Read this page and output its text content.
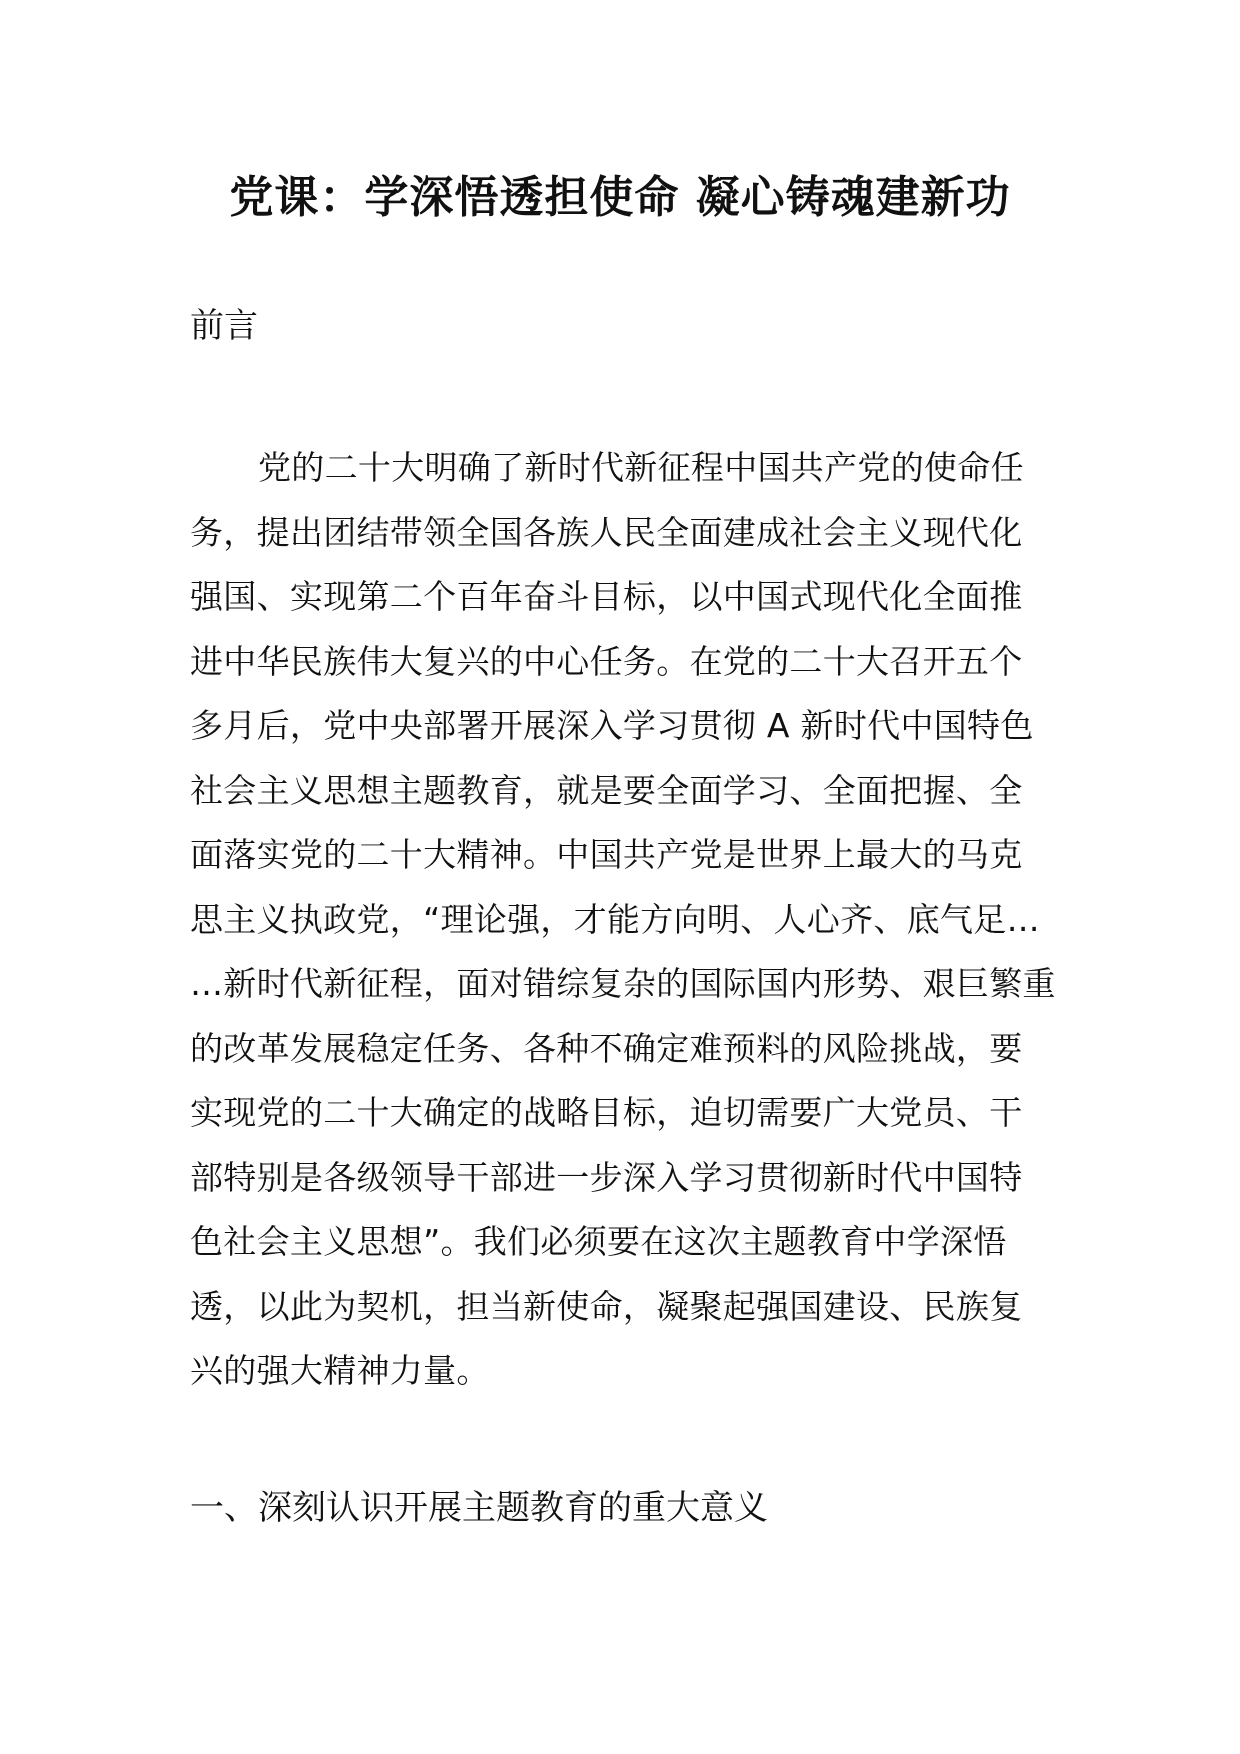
党课：学深悟透担使命 凝心铸魂建新功
前言
党的二十大明确了新时代新征程中国共产党的使命任
务，提出团结带领全国各族人民全面建成社会主义现代化
强国、实现第二个百年奋斗目标，以中国式现代化全面推
进中华民族伟大复兴的中心任务。在党的二十大召开五个
多月后，党中央部署开展深入学习贯彻 A 新时代中国特色
社会主义思想主题教育，就是要全面学习、全面把握、全
面落实党的二十大精神。中国共产党是世界上最大的马克
思主义执政党，“理论强，才能方向明、人心齐、底气足…
…新时代新征程，面对错综复杂的国际国内形势、艰巨繁重
的改革发展稳定任务、各种不确定难预料的风险挑战，要
实现党的二十大确定的战略目标，迫切需要广大党员、干
部特别是各级领导干部进一步深入学习贯彻新时代中国特
色社会主义思想”。我们必须要在这次主题教育中学深悟
透，以此为契机，担当新使命，凝聚起强国建设、民族复
兴的强大精神力量。
一、深刻认识开展主题教育的重大意义
